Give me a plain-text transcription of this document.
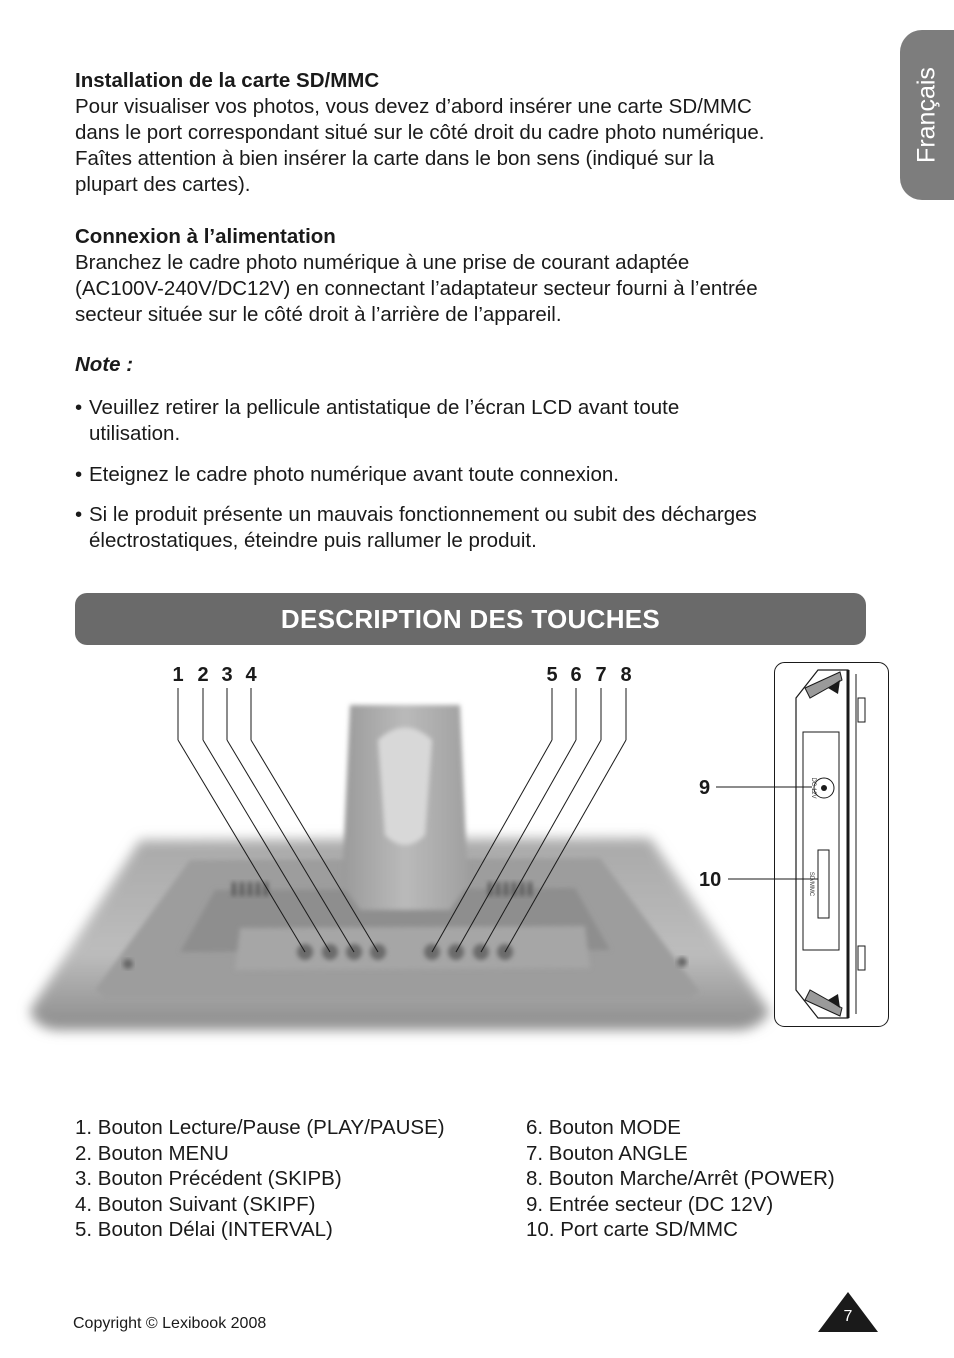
Français
Installation de la carte SD/MMC

Pour visualiser vos photos, vous devez d’abord insérer une carte SD/MMC

dans le port correspondant situé sur le côté droit du cadre photo numérique.

Faîtes attention à bien insérer la carte dans le bon sens (indiqué sur la

plupart des cartes).

Connexion à l’alimentation

Branchez le cadre photo numérique à une prise de courant adaptée

(AC100V-240V/DC12V) en connectant l’adaptateur secteur fourni à l’entrée

secteur située sur le côté droit à l’arrière de l’appareil.

Note :

• Veuillez retirer la pellicule antistatique de l’écran LCD avant toute
utilisation.
• Eteignez le cadre photo numérique avant toute connexion.
• Si le produit présente un mauvais fonctionnement ou subit des décharges
électrostatiques, éteindre puis rallumer le produit.
DESCRIPTION DES TOUCHES
1 2 3 4	5 6 7 8
DC 12V
SD/MMC
9
10
1. Bouton Lecture/Pause (PLAY/PAUSE)
2. Bouton MENU
3. Bouton Précédent (SKIPB)
4. Bouton Suivant (SKIPF)
5. Bouton Délai (INTERVAL)
6. Bouton MODE
7. Bouton ANGLE
8. Bouton Marche/Arrêt (POWER)
9. Entrée secteur (DC 12V)
10. Port carte SD/MMC
Copyright © Lexibook 2008	7
